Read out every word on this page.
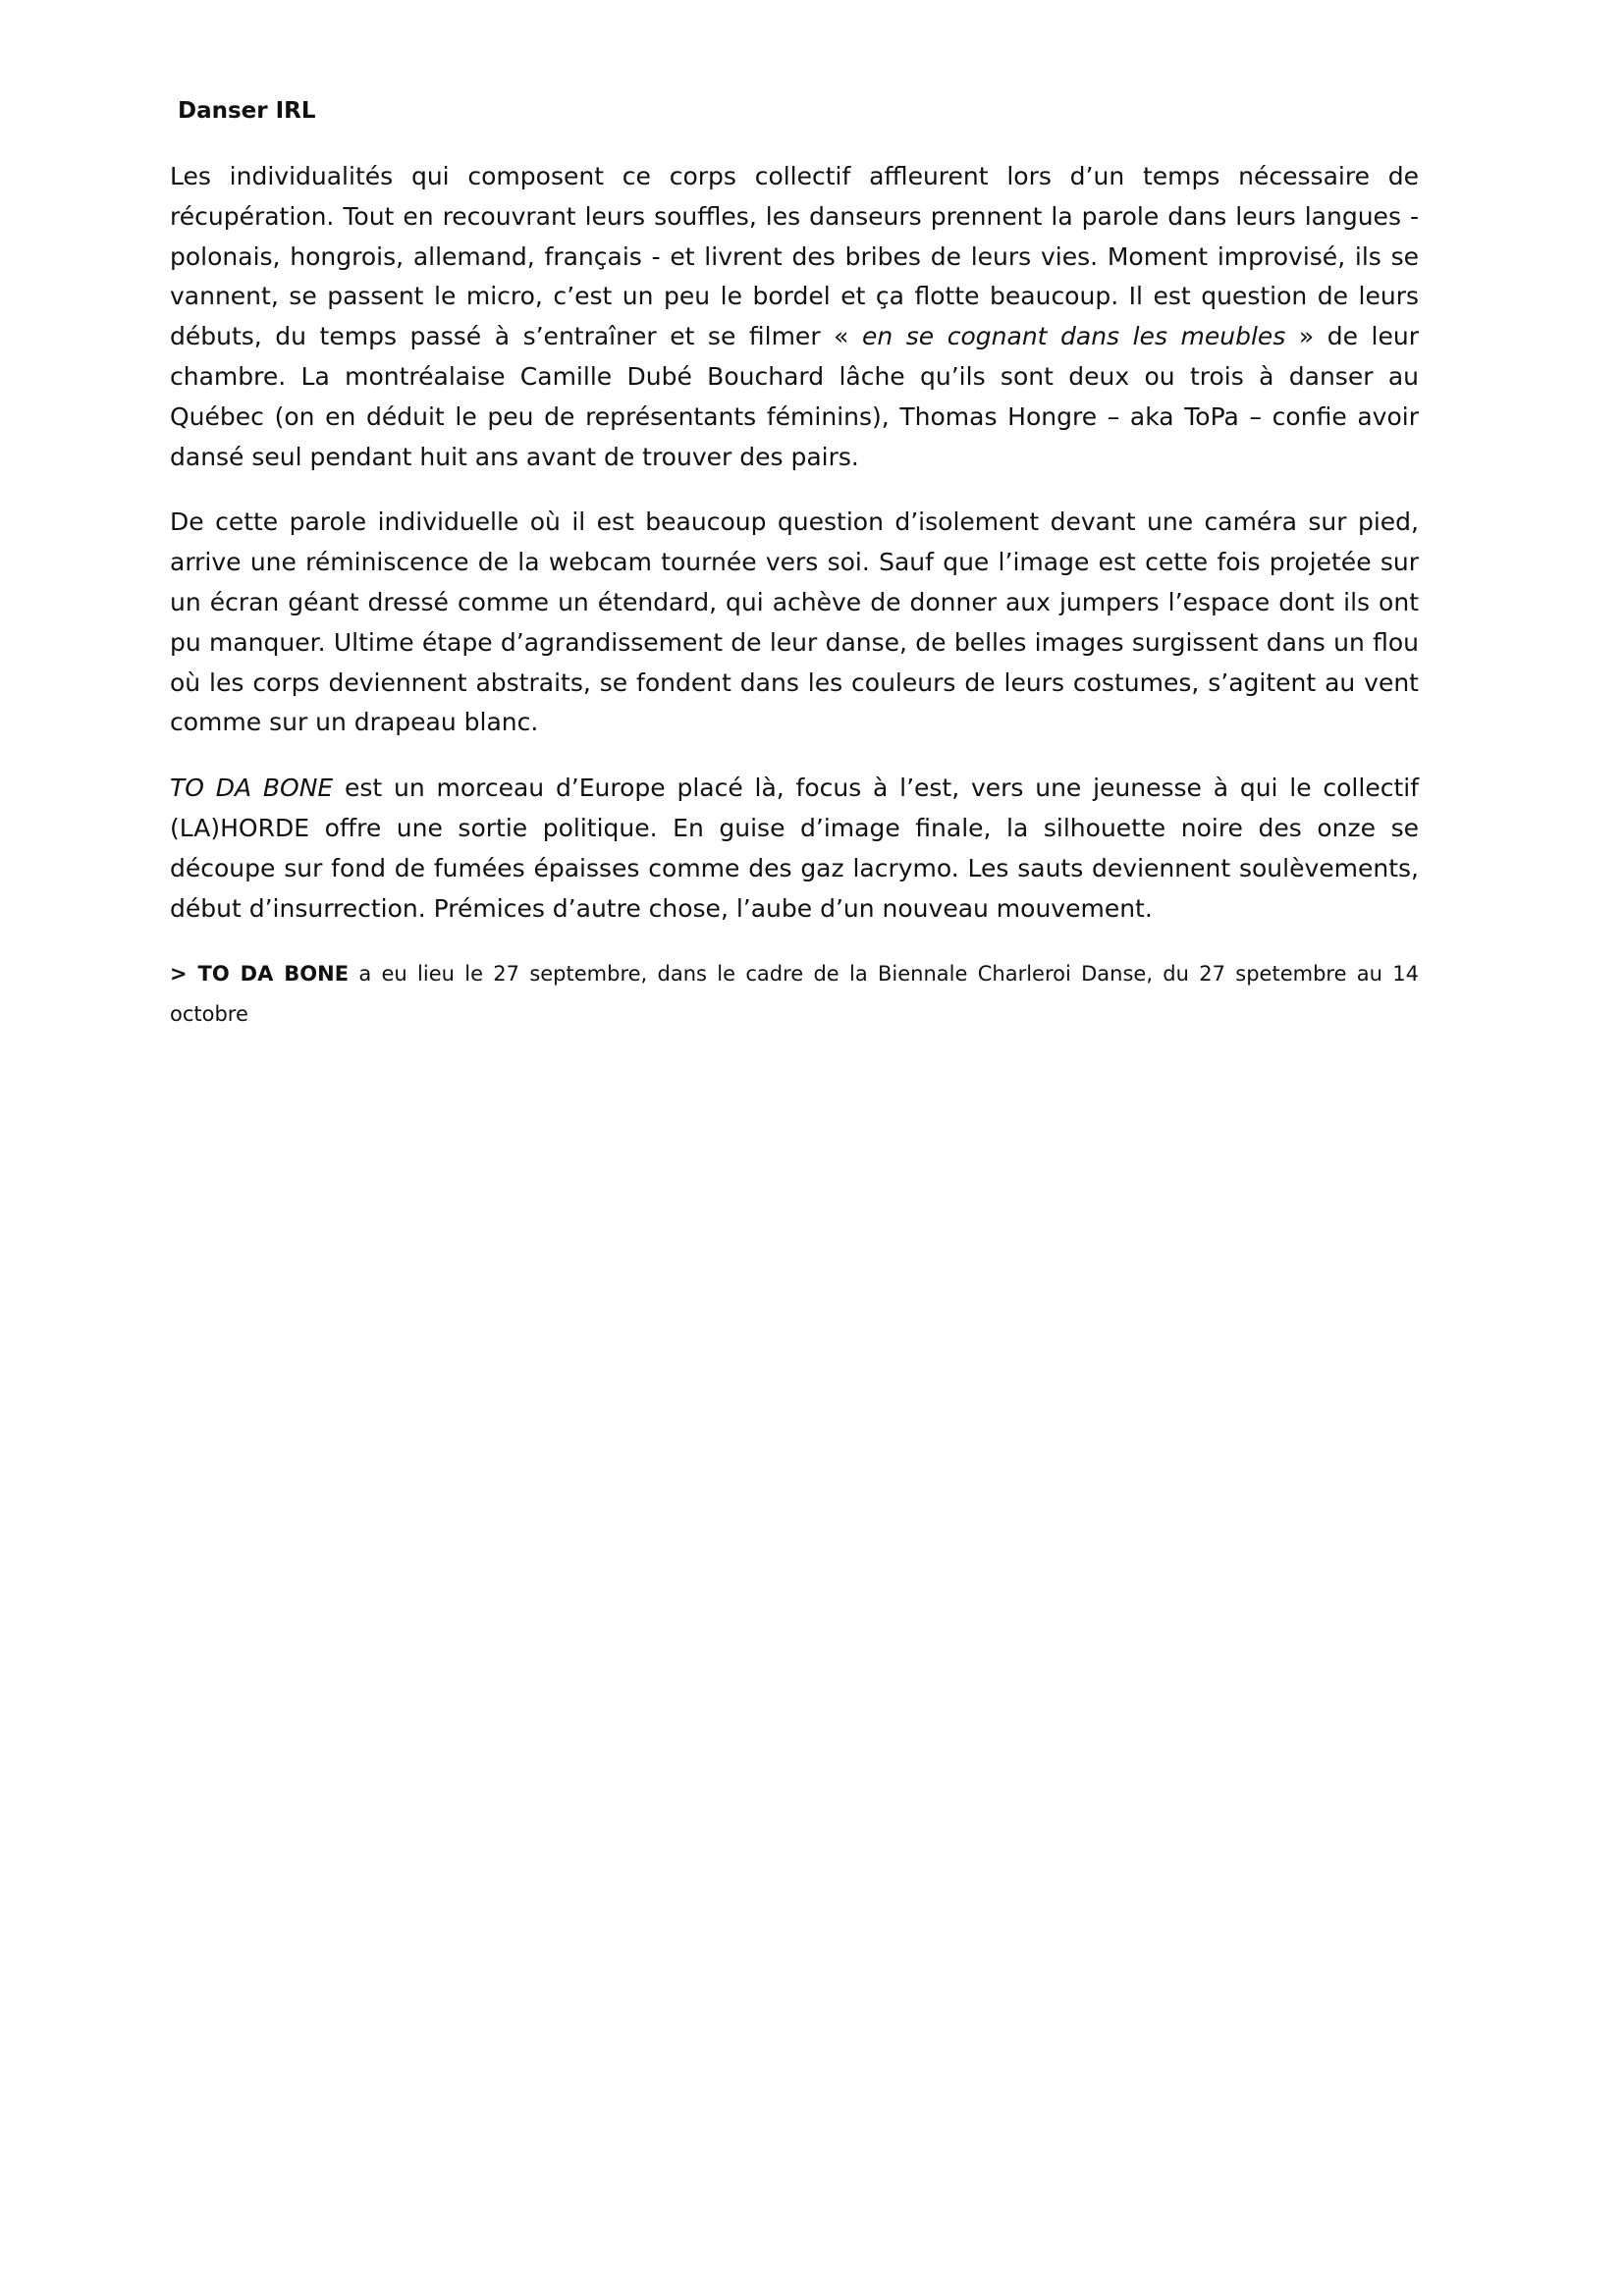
Danser IRL

Les individualités qui composent ce corps collectif affleurent lors d’un temps nécessaire de récupération. Tout en recouvrant leurs souffles, les danseurs prennent la parole dans leurs langues - polonais, hongrois, allemand, français - et livrent des bribes de leurs vies. Moment improvisé, ils se vannent, se passent le micro, c’est un peu le bordel et ça flotte beaucoup. Il est question de leurs débuts, du temps passé à s’entraîner et se filmer « en se cognant dans les meubles » de leur chambre. La montréalaise Camille Dubé Bouchard lâche qu’ils sont deux ou trois à danser au Québec (on en déduit le peu de représentants féminins), Thomas Hongre – aka ToPa – confie avoir dansé seul pendant huit ans avant de trouver des pairs.

De cette parole individuelle où il est beaucoup question d’isolement devant une caméra sur pied, arrive une réminiscence de la webcam tournée vers soi. Sauf que l’image est cette fois projetée sur un écran géant dressé comme un étendard, qui achève de donner aux jumpers l’espace dont ils ont pu manquer. Ultime étape d’agrandissement de leur danse, de belles images surgissent dans un flou où les corps deviennent abstraits, se fondent dans les couleurs de leurs costumes, s’agitent au vent comme sur un drapeau blanc.

TO DA BONE est un morceau d’Europe placé là, focus à l’est, vers une jeunesse à qui le collectif (LA)HORDE offre une sortie politique. En guise d’image finale, la silhouette noire des onze se découpe sur fond de fumées épaisses comme des gaz lacrymo. Les sauts deviennent soulèvements, début d’insurrection. Prémices d’autre chose, l’aube d’un nouveau mouvement.

> TO DA BONE a eu lieu le 27 septembre, dans le cadre de la Biennale Charleroi Danse, du 27 spetembre au 14 octobre
